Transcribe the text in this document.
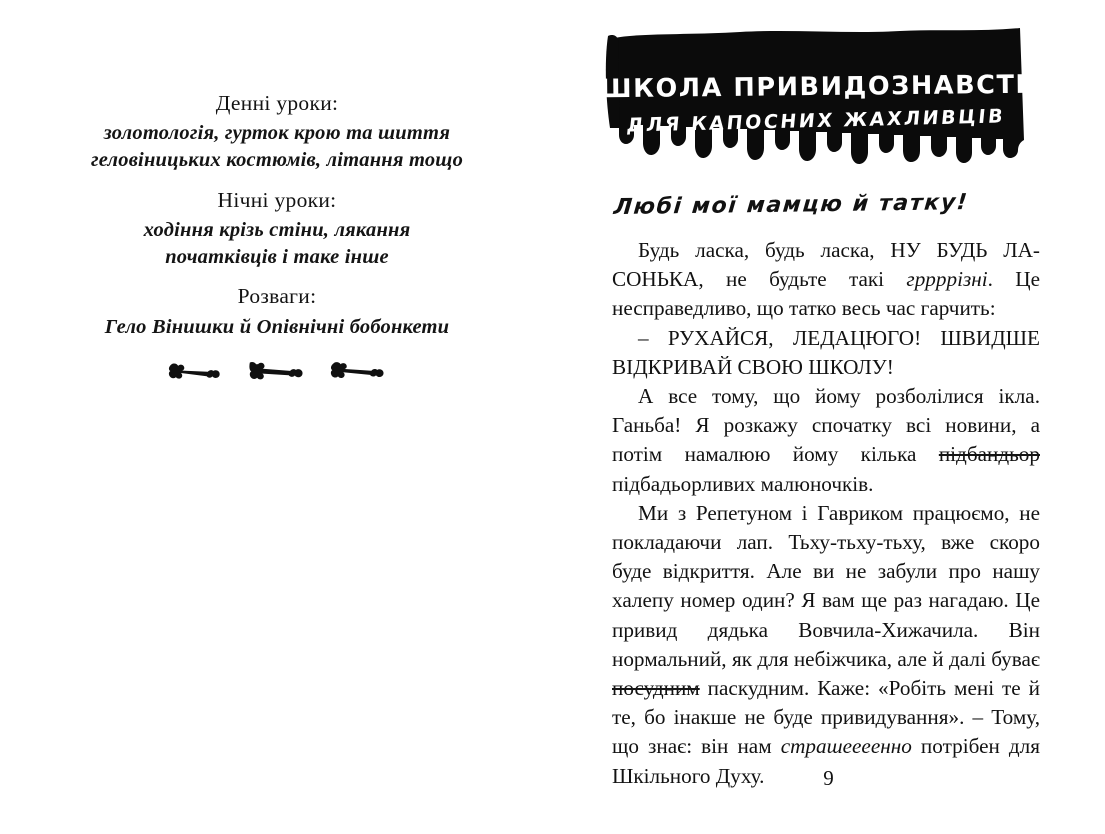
Денні уроки:
золотологія, гурток крою та шиття
геловіницьких костюмів, літання тощо
Нічні уроки:
ходіння крізь стіни, лякання
початківців і таке інше
Розваги:
Гело Вінишки й Опівнічні бобонкети
ШКОЛА ПРИВИДОЗНАВСТВА
ДЛЯ КАПОСНИХ ЖАХЛИВЦІВ
Любі мої мамцю й татку!

Будь ласка, будь ласка, НУ БУДЬ ЛА-СОНЬКА, не будьте такі гррррізні. Це несправедливо, що татко весь час гарчить:

– РУХАЙСЯ, ЛЕДАЦЮГО! ШВИДШЕ ВІДКРИВАЙ СВОЮ ШКОЛУ!

А все тому, що йому розболілися ікла. Ганьба! Я розкажу спочатку всі новини, а потім намалюю йому кілька підбандьор підбадьорливих малюночків.

Ми з Репетуном і Гавриком працюємо, не покладаючи лап. Тьху-тьху-тьху, вже скоро буде відкриття. Але ви не забули про нашу халепу номер один? Я вам ще раз нагадаю. Це привид дядька Вовчила-Хижачила. Він нормальний, як для небіжчика, але й далі буває посудним паскудним. Каже: «Робіть мені те й те, бо інакше не буде привидування». – Тому, що знає: він нам страшеееенно потрібен для Шкільного Духу.	9
